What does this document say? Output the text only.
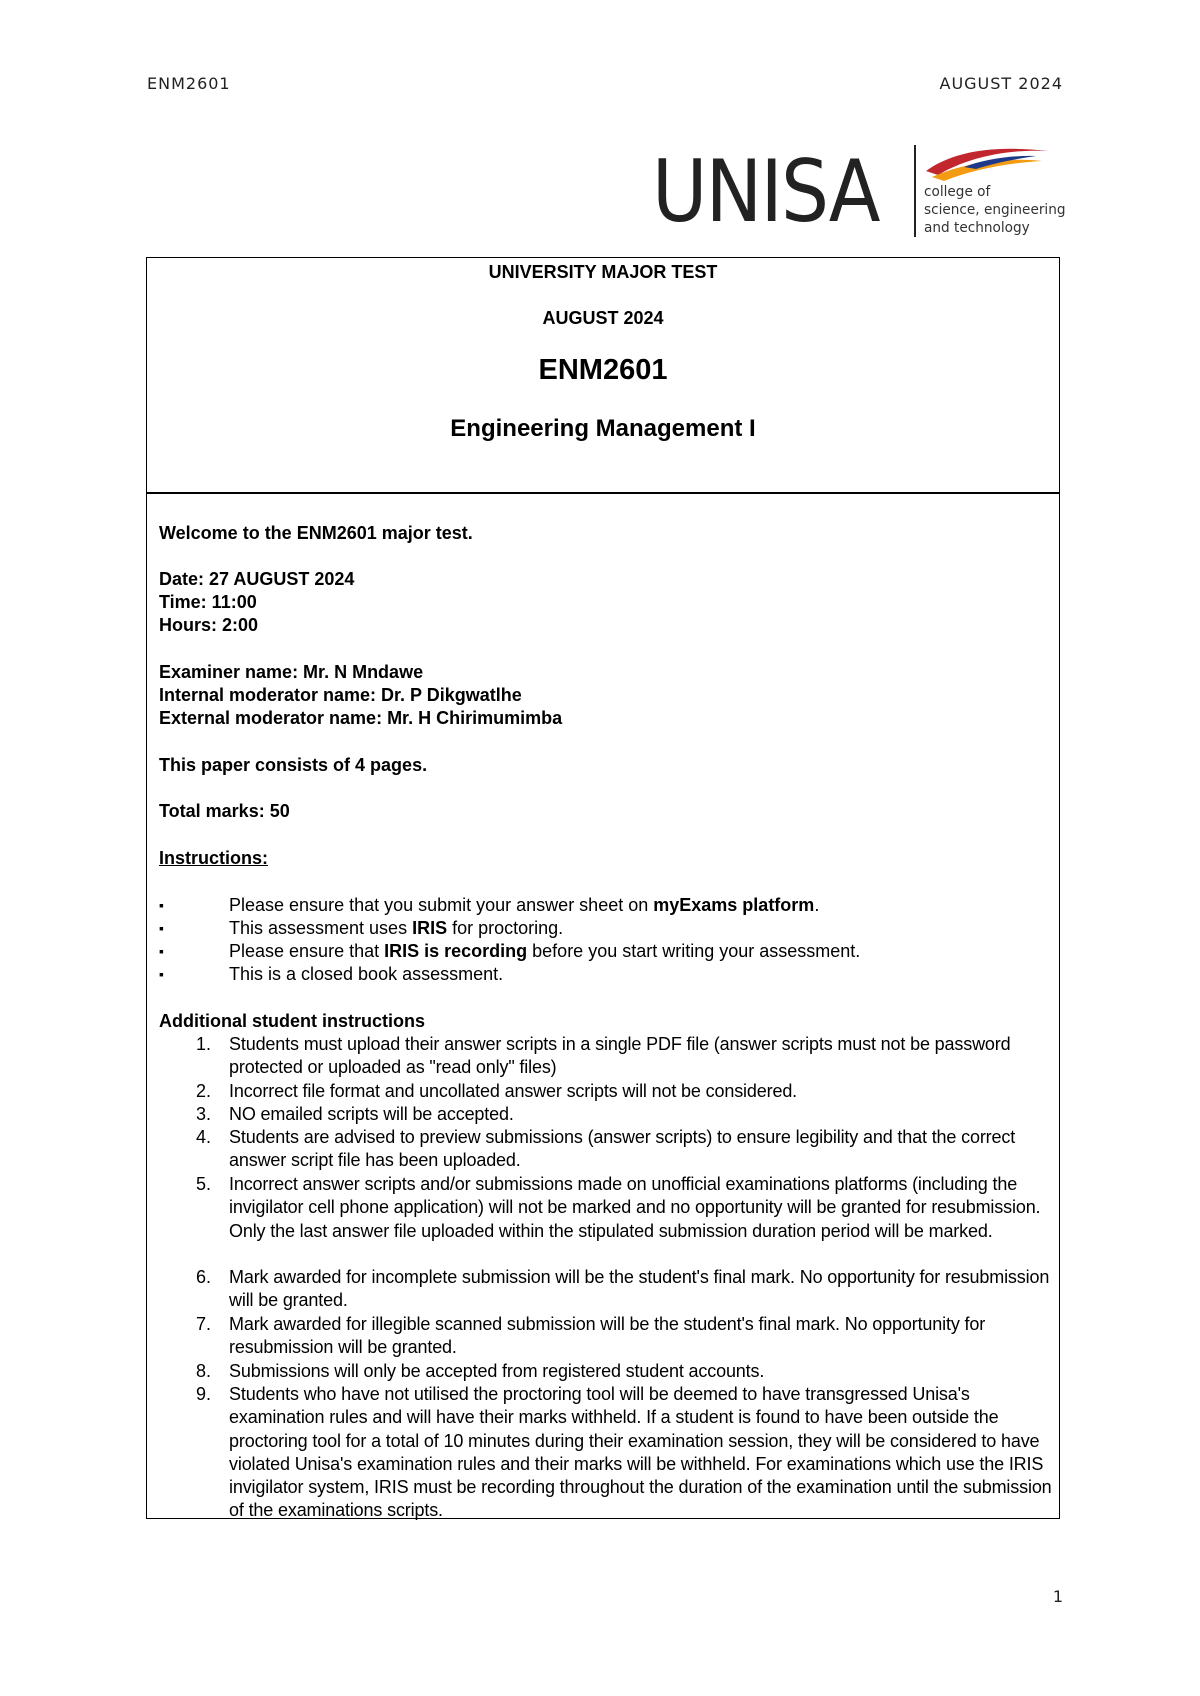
ENM2601	AUGUST 2024
UNISA	college of
science, engineering
and technology
UNIVERSITY MAJOR TEST
AUGUST 2024
ENM2601
Engineering Management I
Welcome to the ENM2601 major test.
Date: 27 AUGUST 2024
Time: 11:00
Hours: 2:00
Examiner name: Mr. N Mndawe
Internal moderator name: Dr. P Dikgwatlhe
External moderator name: Mr. H Chirimumimba
This paper consists of 4 pages.
Total marks: 50
Instructions:
▪	Please ensure that you submit your answer sheet on myExams platform.
▪	This assessment uses IRIS for proctoring.
▪	Please ensure that IRIS is recording before you start writing your assessment.
▪	This is a closed book assessment.
Additional student instructions
1. Students must upload their answer scripts in a single PDF file (answer scripts must not be password protected or uploaded as "read only" files)
2. Incorrect file format and uncollated answer scripts will not be considered.
3. NO emailed scripts will be accepted.
4. Students are advised to preview submissions (answer scripts) to ensure legibility and that the correct answer script file has been uploaded.
5. Incorrect answer scripts and/or submissions made on unofficial examinations platforms (including the invigilator cell phone application) will not be marked and no opportunity will be granted for resubmission. Only the last answer file uploaded within the stipulated submission duration period will be marked.
6. Mark awarded for incomplete submission will be the student's final mark. No opportunity for resubmission will be granted.
7. Mark awarded for illegible scanned submission will be the student's final mark. No opportunity for resubmission will be granted.
8. Submissions will only be accepted from registered student accounts.
9. Students who have not utilised the proctoring tool will be deemed to have transgressed Unisa's examination rules and will have their marks withheld. If a student is found to have been outside the proctoring tool for a total of 10 minutes during their examination session, they will be considered to have violated Unisa's examination rules and their marks will be withheld. For examinations which use the IRIS invigilator system, IRIS must be recording throughout the duration of the examination until the submission of the examinations scripts.
1
